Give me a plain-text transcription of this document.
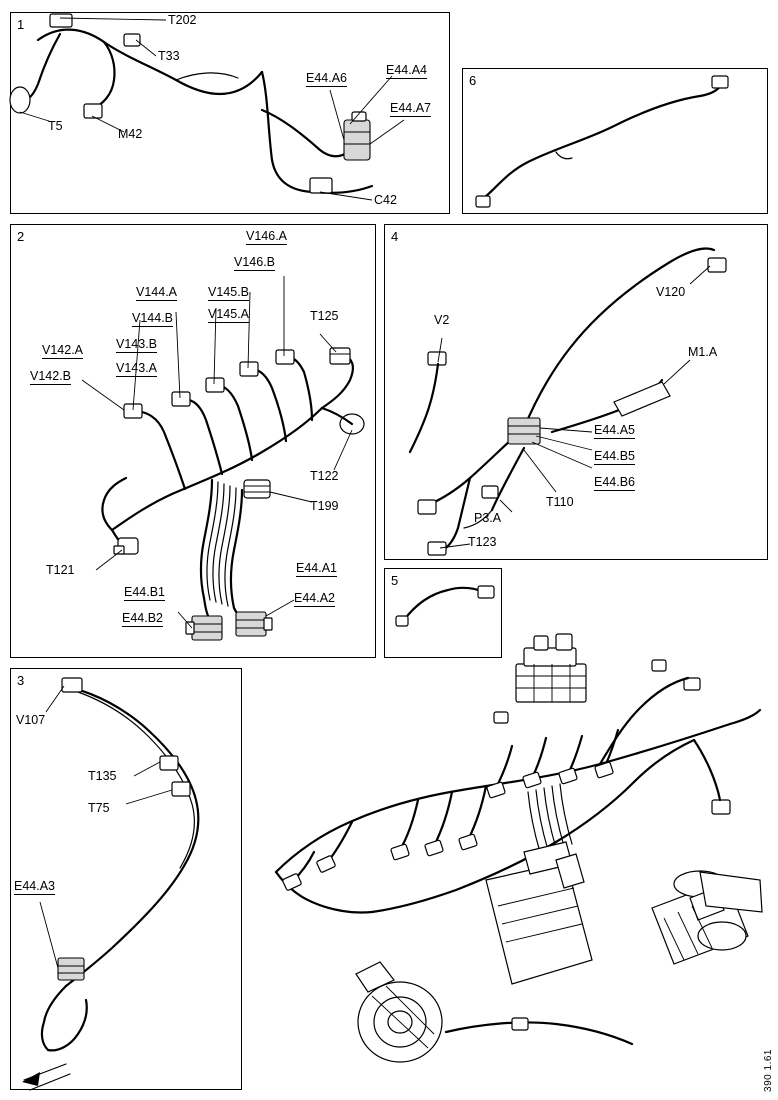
1
6
2	4
5
3
T202
T33
T5
M42
E44.A4
E44.A6
E44.A7
C42
V146.A
V146.B
V145.B
V145.A
V144.A
V144.B
V143.B
V143.A
V142.A
V142.B
T125
T122
T199
T121
E44.B1
E44.B2
E44.A1
E44.A2
V107
T135
T75
E44.A3
V2
V120
M1.A
E44.A5
E44.B5
E44.B6
T110
P3.A
T123
390 1.61
